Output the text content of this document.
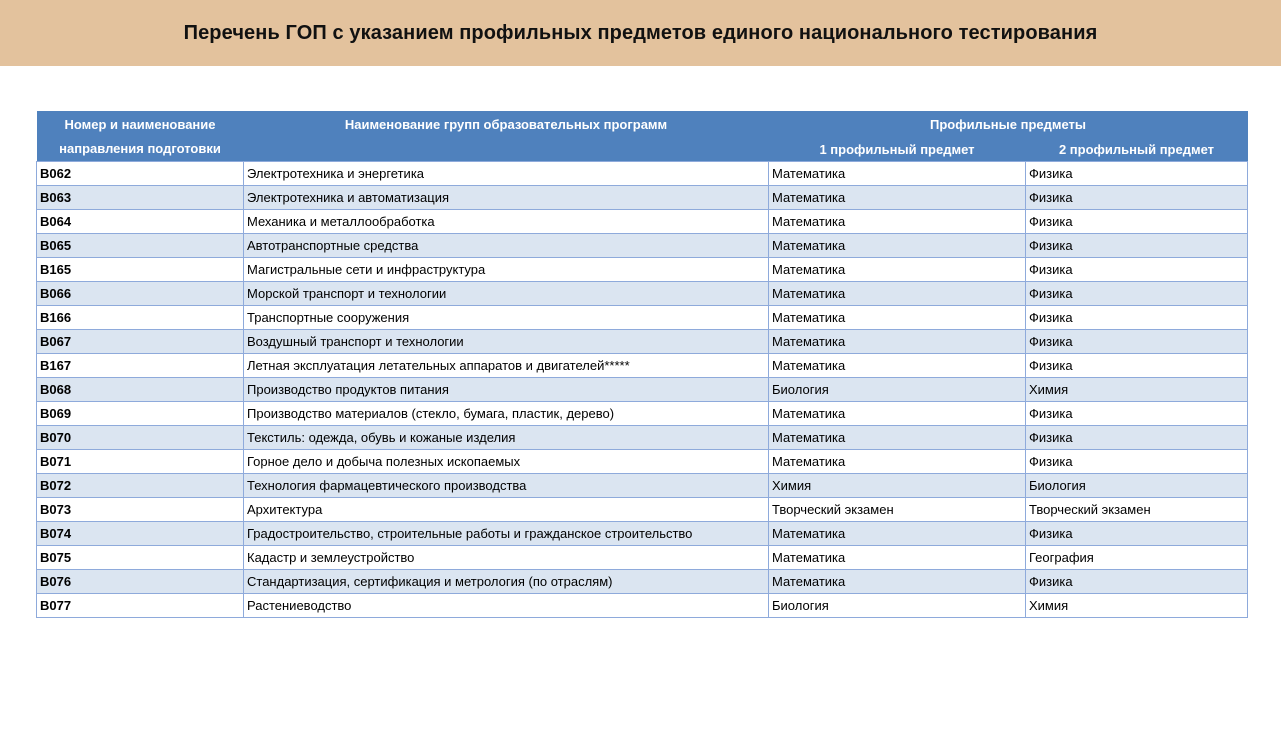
Перечень ГОП с указанием профильных предметов единого национального тестирования
Номер и наименование
направления подготовки	Наименование групп образовательных программ	Профильные предметы	
		1 профильный предмет	2 профильный предмет
B062	Электротехника и энергетика	Математика	Физика
B063	Электротехника и автоматизация	Математика	Физика
B064	Механика и металлообработка	Математика	Физика
B065	Автотранспортные средства	Математика	Физика
B165	Магистральные сети и инфраструктура	Математика	Физика
B066	Морской транспорт и технологии	Математика	Физика
B166	Транспортные сооружения	Математика	Физика
B067	Воздушный транспорт и технологии	Математика	Физика
B167	Летная эксплуатация летательных аппаратов и двигателей*****	Математика	Физика
B068	Производство продуктов питания	Биология	Химия
B069	Производство материалов (стекло, бумага, пластик, дерево)	Математика	Физика
B070	Текстиль: одежда, обувь и кожаные изделия	Математика	Физика
B071	Горное дело и добыча полезных ископаемых	Математика	Физика
B072	Технология фармацевтического производства	Химия	Биология
B073	Архитектура	Творческий экзамен	Творческий экзамен
B074	Градостроительство, строительные работы и гражданское строительство	Математика	Физика
B075	Кадастр и землеустройство	Математика	География
B076	Стандартизация, сертификация и метрология (по отраслям)	Математика	Физика
B077	Растениеводство	Биология	Химия
